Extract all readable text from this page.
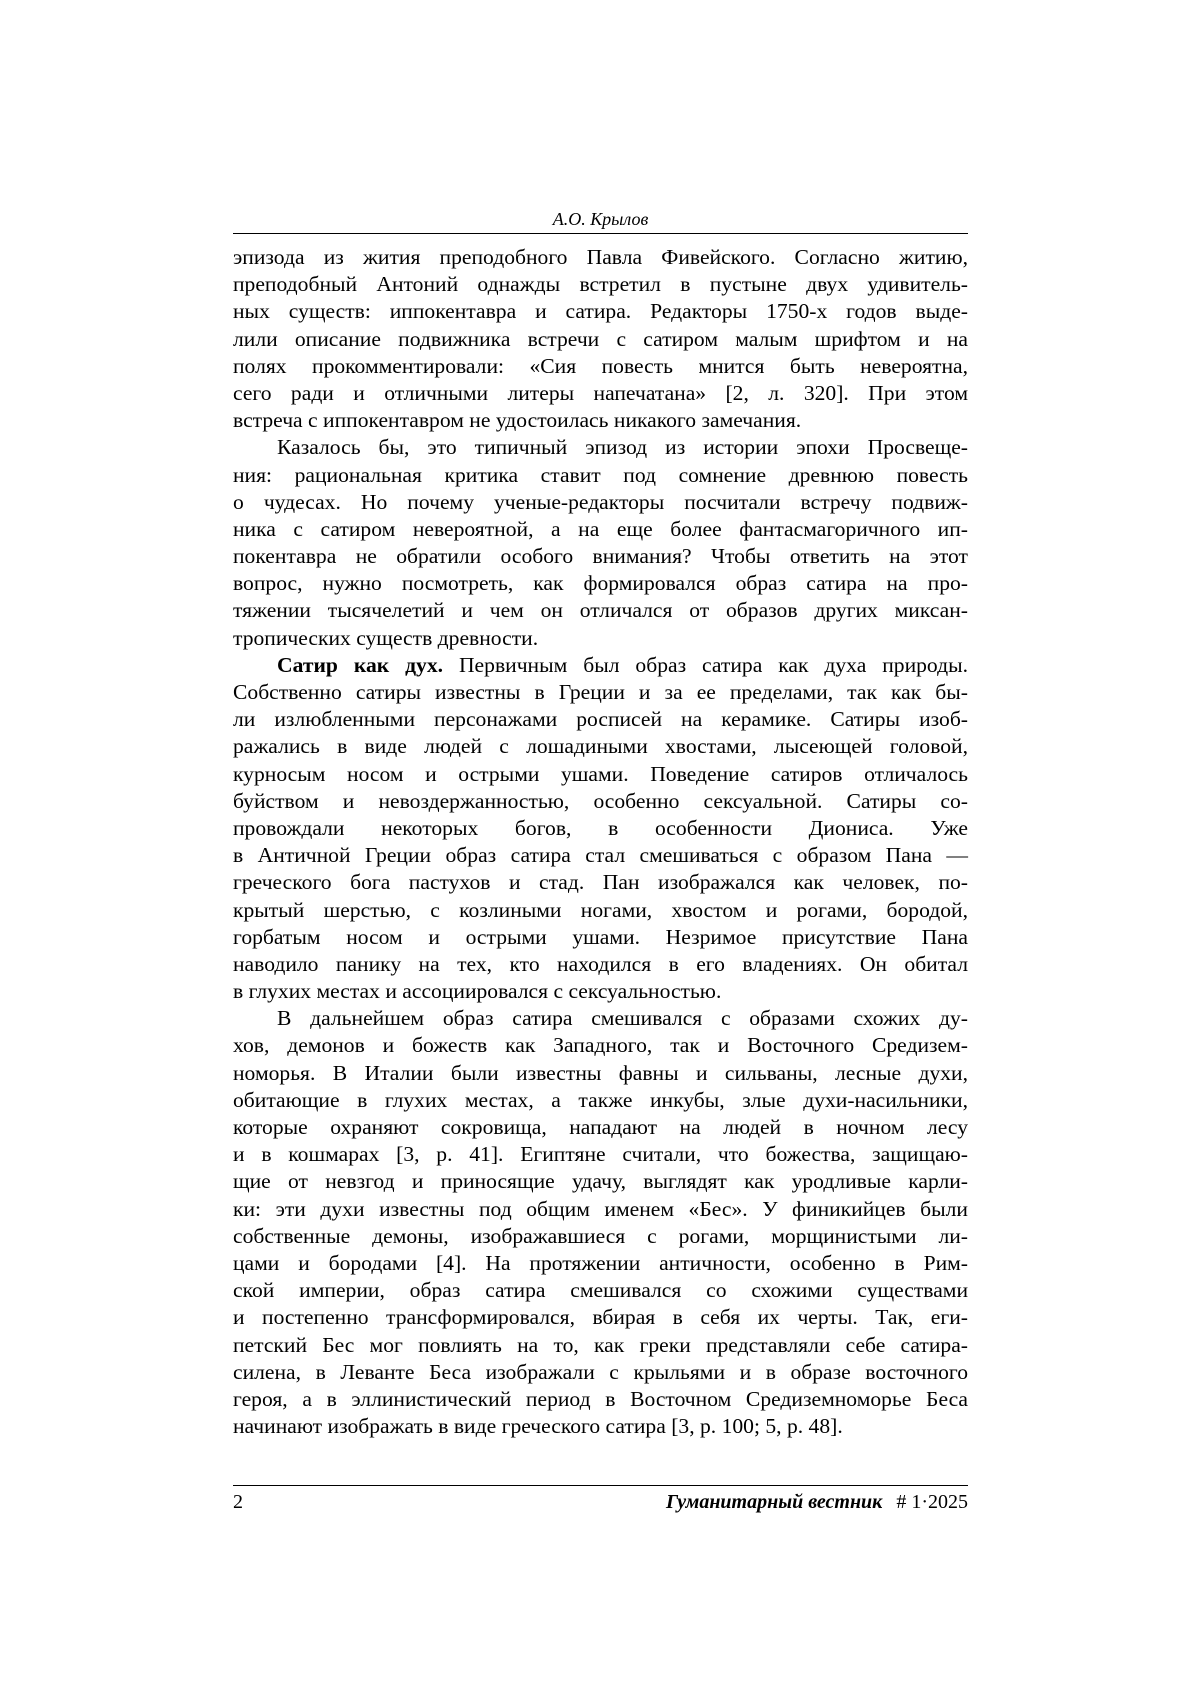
А.О. Крылов
эпизода из жития преподобного Павла Фивейского. Согласно житию,
преподобный Антоний однажды встретил в пустыне двух удивитель-
ных существ: иппокентавра и сатира. Редакторы 1750-х годов выде-
лили описание подвижника встречи с сатиром малым шрифтом и на
полях прокомментировали: «Сия повесть мнится быть невероятна,
сего ради и отличными литеры напечатана» [2, л. 320]. При этом
встреча с иппокентавром не удостоилась никакого замечания.
Казалось бы, это типичный эпизод из истории эпохи Просвеще-
ния: рациональная критика ставит под сомнение древнюю повесть
о чудесах. Но почему ученые-редакторы посчитали встречу подвиж-
ника с сатиром невероятной, а на еще более фантасмагоричного ип-
покентавра не обратили особого внимания? Чтобы ответить на этот
вопрос, нужно посмотреть, как формировался образ сатира на про-
тяжении тысячелетий и чем он отличался от образов других миксан-
тропических существ древности.
Сатир как дух. Первичным был образ сатира как духа природы.
Собственно сатиры известны в Греции и за ее пределами, так как бы-
ли излюбленными персонажами росписей на керамике. Сатиры изоб-
ражались в виде людей с лошадиными хвостами, лысеющей головой,
курносым носом и острыми ушами. Поведение сатиров отличалось
буйством и невоздержанностью, особенно сексуальной. Сатиры со-
провождали некоторых богов, в особенности Диониса. Уже
в Античной Греции образ сатира стал смешиваться с образом Пана —
греческого бога пастухов и стад. Пан изображался как человек, по-
крытый шерстью, с козлиными ногами, хвостом и рогами, бородой,
горбатым носом и острыми ушами. Незримое присутствие Пана
наводило панику на тех, кто находился в его владениях. Он обитал
в глухих местах и ассоциировался с сексуальностью.
В дальнейшем образ сатира смешивался с образами схожих ду-
хов, демонов и божеств как Западного, так и Восточного Средизем-
номорья. В Италии были известны фавны и сильваны, лесные духи,
обитающие в глухих местах, а также инкубы, злые духи-насильники,
которые охраняют сокровища, нападают на людей в ночном лесу
и в кошмарах [3, p. 41]. Египтяне считали, что божества, защищаю-
щие от невзгод и приносящие удачу, выглядят как уродливые карли-
ки: эти духи известны под общим именем «Бес». У финикийцев были
собственные демоны, изображавшиеся с рогами, морщинистыми ли-
цами и бородами [4]. На протяжении античности, особенно в Рим-
ской империи, образ сатира смешивался со схожими существами
и постепенно трансформировался, вбирая в себя их черты. Так, еги-
петский Бес мог повлиять на то, как греки представляли себе сатира-
силена, в Леванте Беса изображали с крыльями и в образе восточного
героя, а в эллинистический период в Восточном Средиземноморье Беса
начинают изображать в виде греческого сатира [3, p. 100; 5, p. 48].
2	Гуманитарный вестник # 1·2025
